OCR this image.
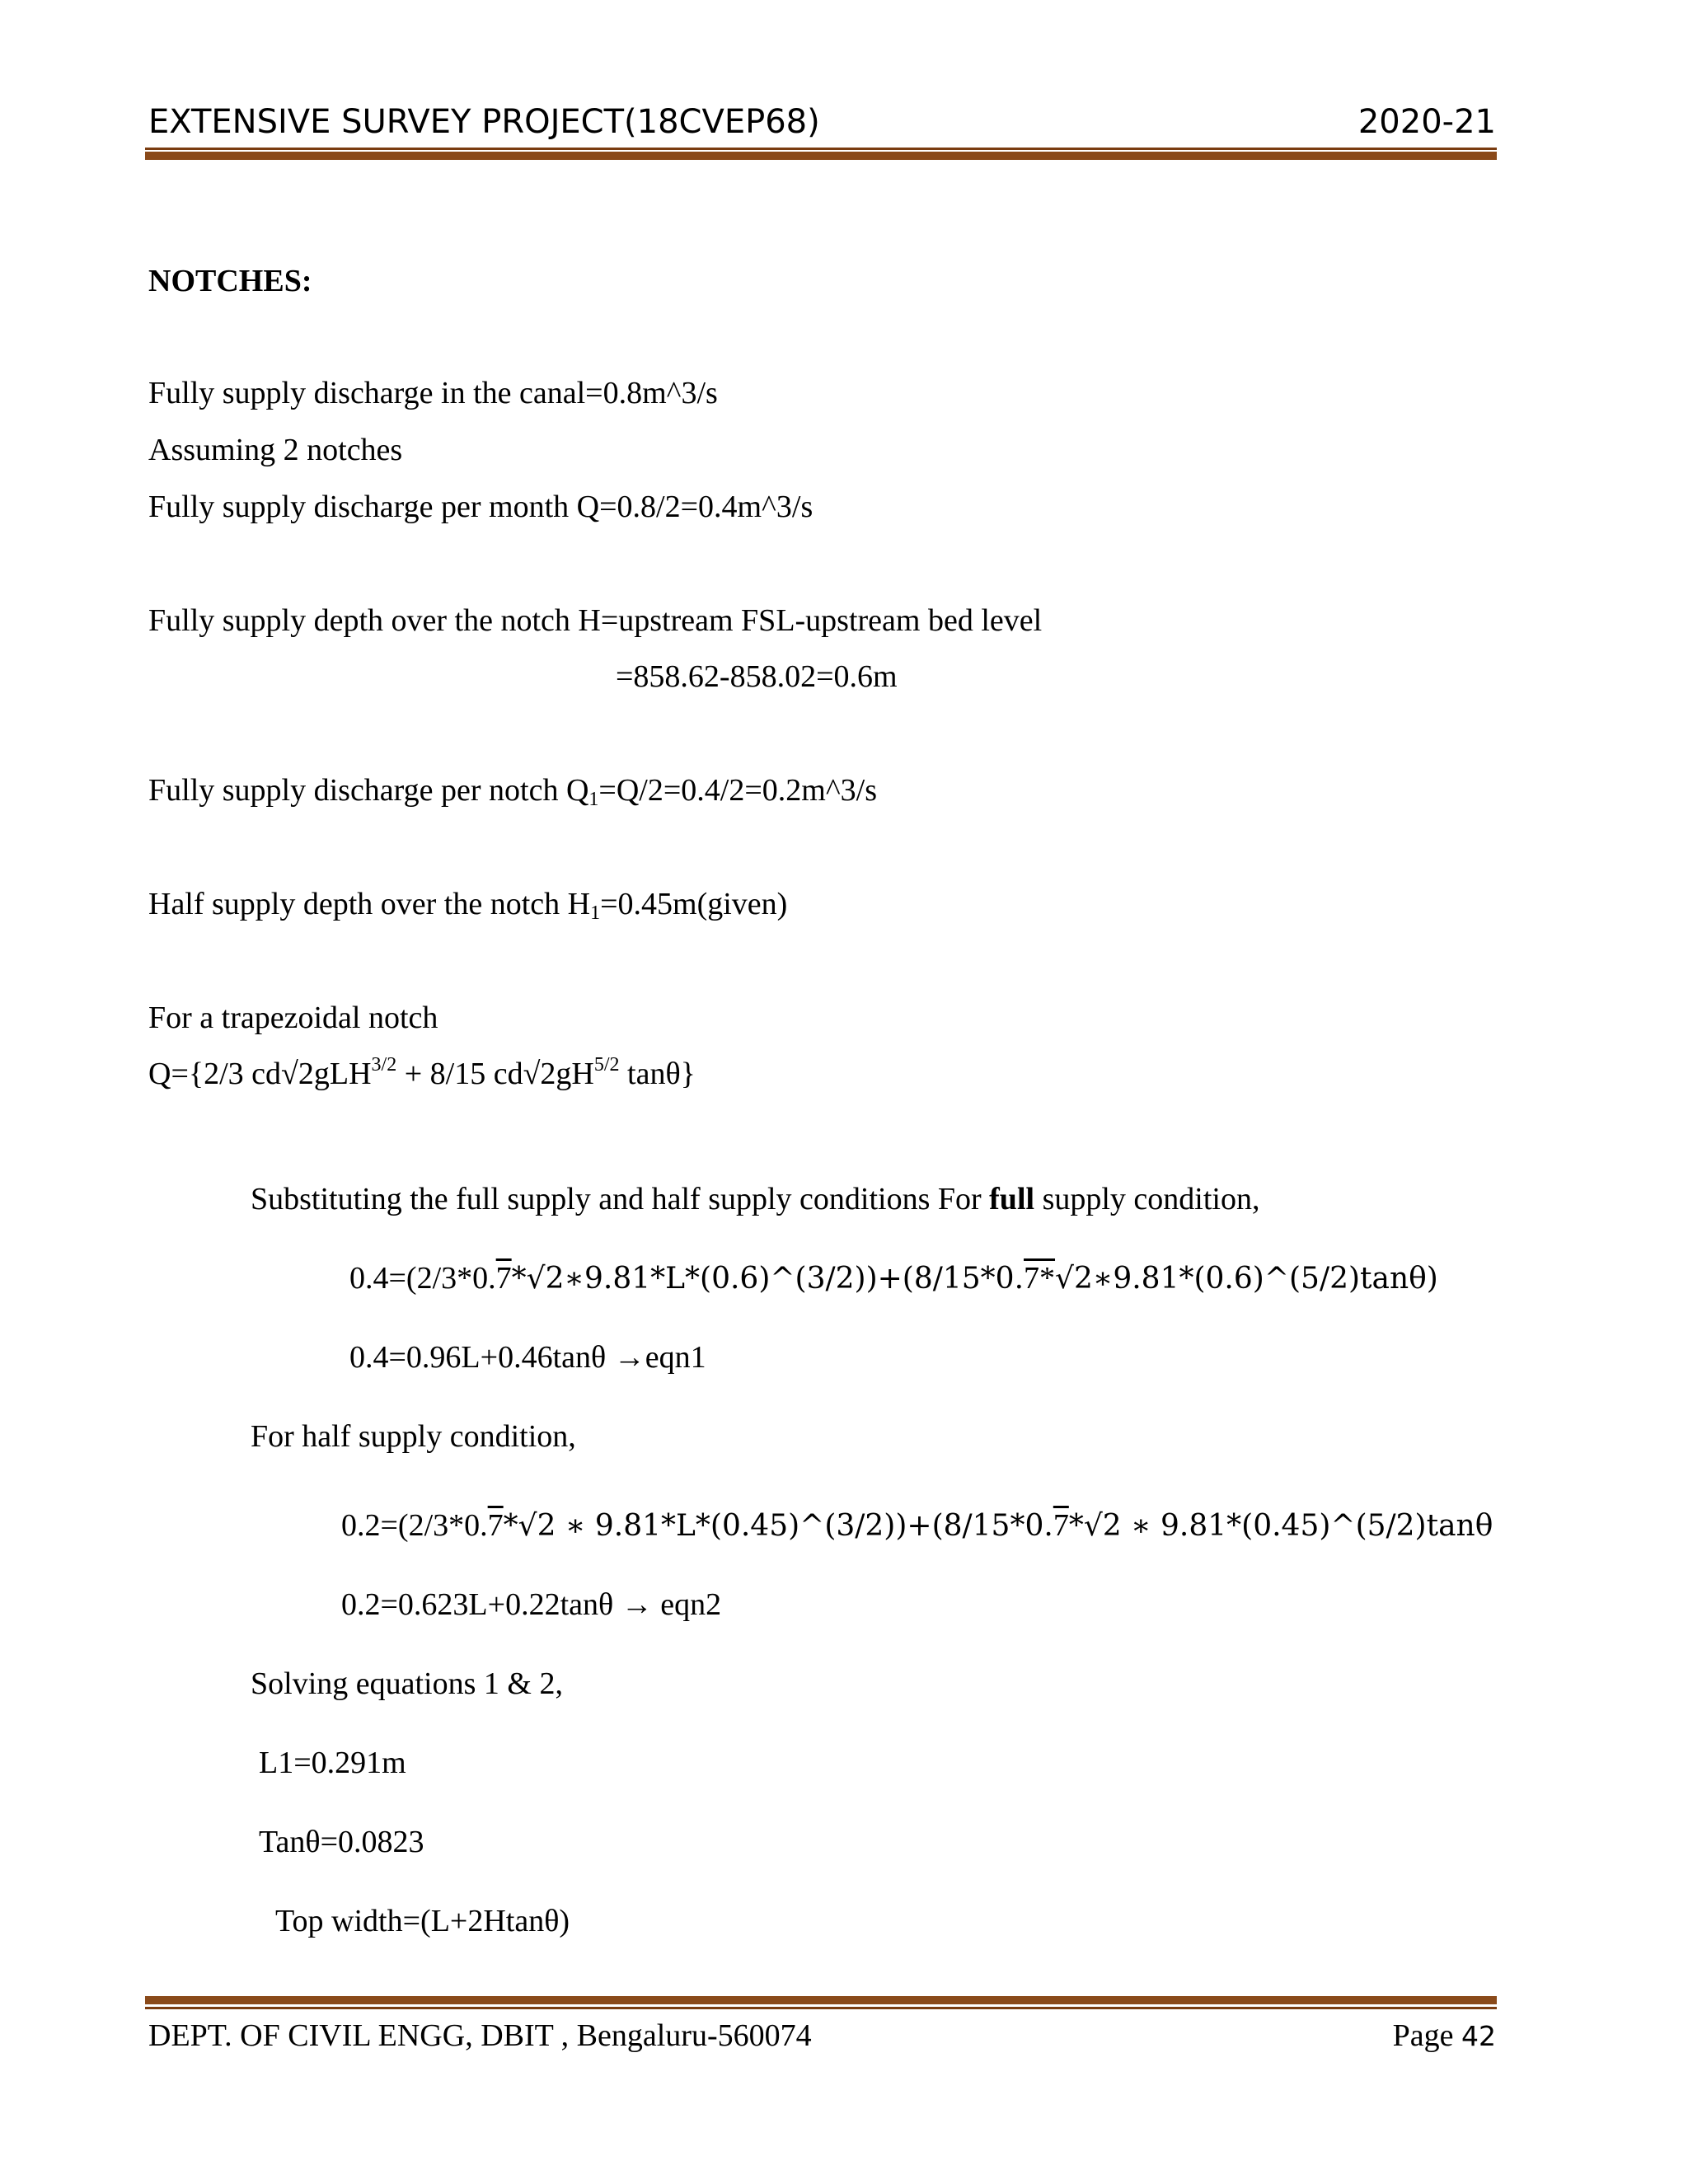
EXTENSIVE SURVEY PROJECT(18CVEP68)	2020-21
NOTCHES:
Fully supply discharge in the canal=0.8m^3/s
Assuming 2 notches
Fully supply discharge per month Q=0.8/2=0.4m^3/s
Fully supply depth over the notch H=upstream FSL-upstream bed level
=858.62-858.02=0.6m
Fully supply discharge per notch $Q_1=Q/2=0.4/2=0.2m\^{}3/s$
Half supply depth over the notch $H_1=0.45m(given)$
For a trapezoidal notch
Q={2/3 cd√2gLH$^{3/2}$ + 8/15 $cd√2gH^{5/2}$ tanθ}
Substituting the full supply and half supply conditions For full supply condition,
0.4=(2/3*0.7*√2∗9.81*L*(0.6)^(3/2))+(8/15*0.7*√2∗9.81*(0.6)^(5/2)tanθ)
0.4=0.96L+0.46tanθ →eqn1
For half supply condition,
0.2=(2/3*0.7*√2 ∗ 9.81*L*(0.45)^(3/2))+(8/15*0.7*√2 ∗ 9.81*(0.45)^(5/2)tanθ
0.2=0.623L+0.22tanθ → eqn2
Solving equations 1 & 2,
L1=0.291m
Tanθ=0.0823
Top width=(L+2Htanθ)
DEPT. OF CIVIL ENGG, DBIT , Bengaluru-560074	Page 42
